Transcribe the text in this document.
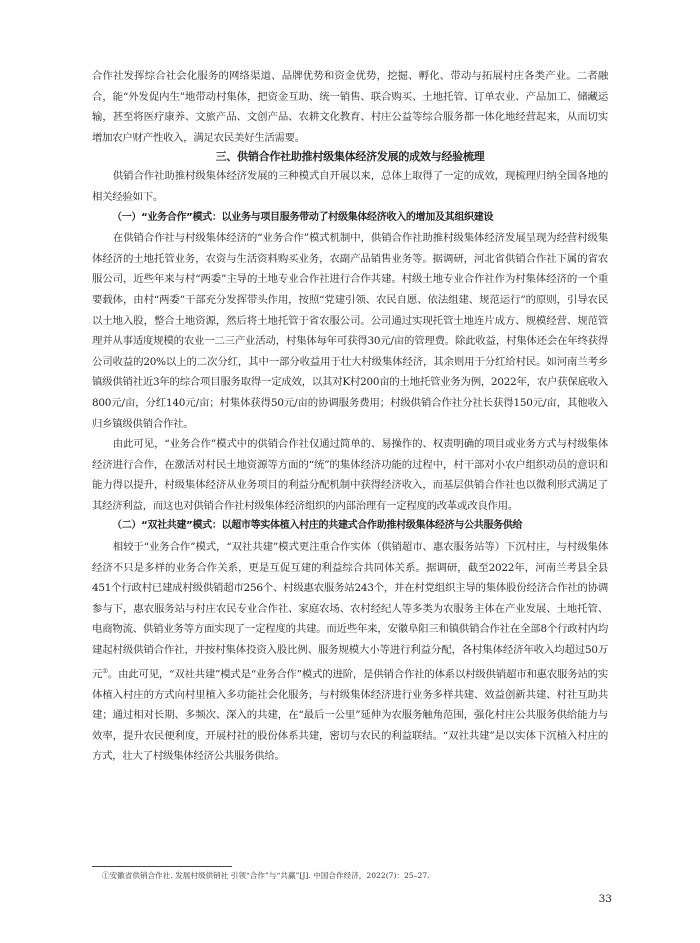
合作社发挥综合社会化服务的网络渠道、品牌优势和资金优势，挖掘、孵化、带动与拓展村庄各类产业。二者融合，能“外发促内生”地带动村集体，把资金互助、统一销售、联合购买、土地托管、订单农业、产品加工、储藏运输，甚至将医疗康养、文旅产品、文创产品、农耕文化教育、村庄公益等综合服务都一体化地经营起来，从而切实增加农户财产性收入，满足农民美好生活需要。

三、供销合作社助推村级集体经济发展的成效与经验梳理

供销合作社助推村级集体经济发展的三种模式自开展以来，总体上取得了一定的成效，现梳理归纳全国各地的相关经验如下。

（一）“业务合作”模式：以业务与项目服务带动了村级集体经济收入的增加及其组织建设

在供销合作社与村级集体经济的“业务合作”模式机制中，供销合作社助推村级集体经济发展呈现为经营村级集体经济的土地托管业务，农资与生活资料购买业务，农副产品销售业务等。据调研，河北省供销合作社下属的省农服公司，近些年来与村“两委”主导的土地专业合作社进行合作共建。村级土地专业合作社作为村集体经济的一个重要载体，由村“两委”干部充分发挥带头作用，按照“党建引领、农民自愿、依法组建、规范运行”的原则，引导农民以土地入股，整合土地资源，然后将土地托管于省农服公司。公司通过实现托管土地连片成方、规模经营、规范管理并从事适度规模的农业一二三产业活动，村集体每年可获得30元/亩的管理费。除此收益，村集体还会在年终获得公司收益的20%以上的二次分红，其中一部分收益用于壮大村级集体经济，其余则用于分红给村民。如河南兰考乡镇级供销社近3年的综合项目服务取得一定成效，以其对K村200亩的土地托管业务为例，2022年，农户获保底收入800元/亩，分红140元/亩；村集体获得50元/亩的协调服务费用；村级供销合作社分社长获得150元/亩，其他收入归乡镇级供销合作社。

由此可见，“业务合作”模式中的供销合作社仅通过简单的、易操作的、权责明确的项目或业务方式与村级集体经济进行合作，在激活对村民土地资源等方面的“统”的集体经济功能的过程中，村干部对小农户组织动员的意识和能力得以提升，村级集体经济从业务项目的利益分配机制中获得经济收入，而基层供销合作社也以微利形式满足了其经济利益，而这也对供销合作社村级集体经济组织的内部治理有一定程度的改革或改良作用。

（二）“双社共建”模式：以超市等实体植入村庄的共建式合作助推村级集体经济与公共服务供给

相较于“业务合作”模式，“双社共建”模式更注重合作实体（供销超市、惠农服务站等）下沉村庄，与村级集体经济不只是多样的业务合作关系，更是互促互建的利益综合共同体关系。据调研，截至2022年，河南兰考县全县451个行政村已建成村级供销超市256个、村级惠农服务站243个，并在村党组织主导的集体股份经济合作社的协调参与下，惠农服务站与村庄农民专业合作社、家庭农场、农村经纪人等多类为农服务主体在产业发展、土地托管、电商物流、供销业务等方面实现了一定程度的共建。而近些年来，安徽阜阳三和镇供销合作社在全部8个行政村内均建起村级供销合作社，并按村集体投资入股比例、服务规模大小等进行利益分配，各村集体经济年收入均超过50万元①。由此可见，“双社共建”模式是“业务合作”模式的进阶，是供销合作社的体系以村级供销超市和惠农服务站的实体植入村庄的方式向村里植入多功能社会化服务，与村级集体经济进行业务多样共建、效益创新共建、村社互助共建；通过相对长期、多频次、深入的共建，在“最后一公里”延伸为农服务触角范围，强化村庄公共服务供给能力与效率，提升农民便利度，开展村社的股份体系共建，密切与农民的利益联结。“双社共建”是以实体下沉植入村庄的方式，壮大了村级集体经济公共服务供给。

①安徽省供销合作社. 发展村级供销社 引领“合作”与“共赢”[J]. 中国合作经济，2022(7)：25–27.
33
